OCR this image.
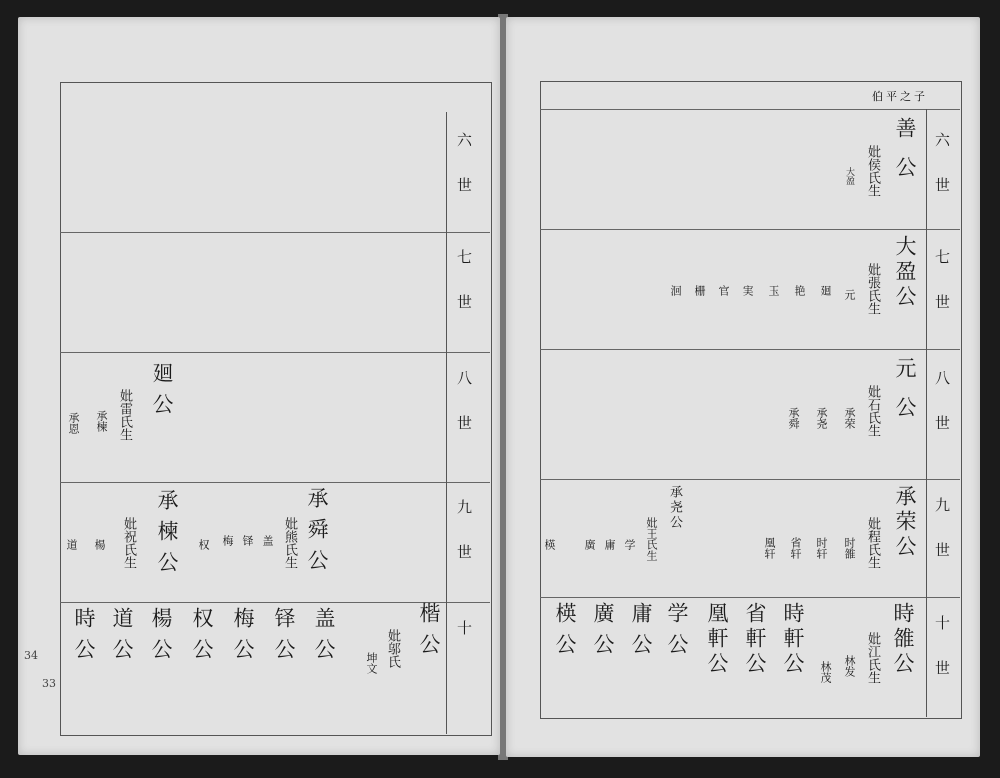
六世
七世
八世
九世
十
廻公
妣雷氏生
承楝
承恩
承舜公
妣熊氏生
盖
铎
梅
权
承楝公
妣祝氏生
楊
道
楷公
妣邬氏
坤文
盖公
铎公
梅公
权公
楊公
道公
時公
34
33
伯平之子
六世
七世
八世
九世
十世
善公
妣侯氏生
大盈
大盈公
妣張氏生
元
廻
艳
玉
実
官
栅
洄
元公
妣石氏生
承荣
承尧
承舜
承荣公
妣程氏生
时雒
时轩
省轩
凰轩
承尧公
妣王氏生
学
庸
廣
楧
時雒公
妣江氏生
林发
林茂
時軒公
省軒公
凰軒公
学公
庸公
廣公
楧公
